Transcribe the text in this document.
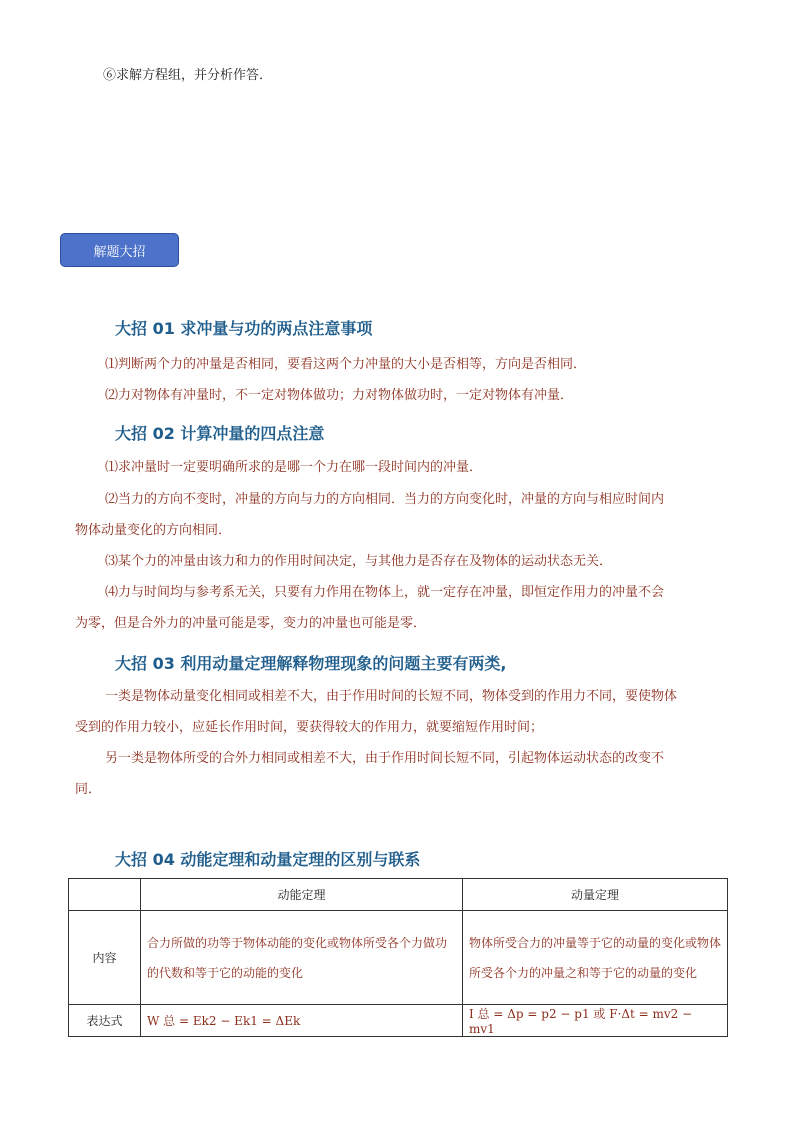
⑥求解方程组，并分析作答．
解题大招
大招 01 求冲量与功的两点注意事项
⑴判断两个力的冲量是否相同，要看这两个力冲量的大小是否相等，方向是否相同．
⑵力对物体有冲量时，不一定对物体做功；力对物体做功时，一定对物体有冲量．
大招 02 计算冲量的四点注意
⑴求冲量时一定要明确所求的是哪一个力在哪一段时间内的冲量．
⑵当力的方向不变时，冲量的方向与力的方向相同．当力的方向变化时，冲量的方向与相应时间内
物体动量变化的方向相同．
⑶某个力的冲量由该力和力的作用时间决定，与其他力是否存在及物体的运动状态无关．
⑷力与时间均与参考系无关，只要有力作用在物体上，就一定存在冲量，即恒定作用力的冲量不会
为零，但是合外力的冲量可能是零，变力的冲量也可能是零．
大招 03 利用动量定理解释物理现象的问题主要有两类,
一类是物体动量变化相同或相差不大，由于作用时间的长短不同，物体受到的作用力不同，要使物体
受到的作用力较小，应延长作用时间，要获得较大的作用力，就要缩短作用时间；
另一类是物体所受的合外力相同或相差不大，由于作用时间长短不同，引起物体运动状态的改变不
同．
大招 04 动能定理和动量定理的区别与联系
	动能定理	动量定理
内容	合力所做的功等于物体动能的变化或物体所受各个力做功的代数和等于它的动能的变化	物体所受合力的冲量等于它的动量的变化或物体所受各个力的冲量之和等于它的动量的变化
表达式	W 总 = Ek2 − Ek1 = ΔEk	I 总 = Δp = p2 − p1 或 F·Δt = mv2 − mv1
